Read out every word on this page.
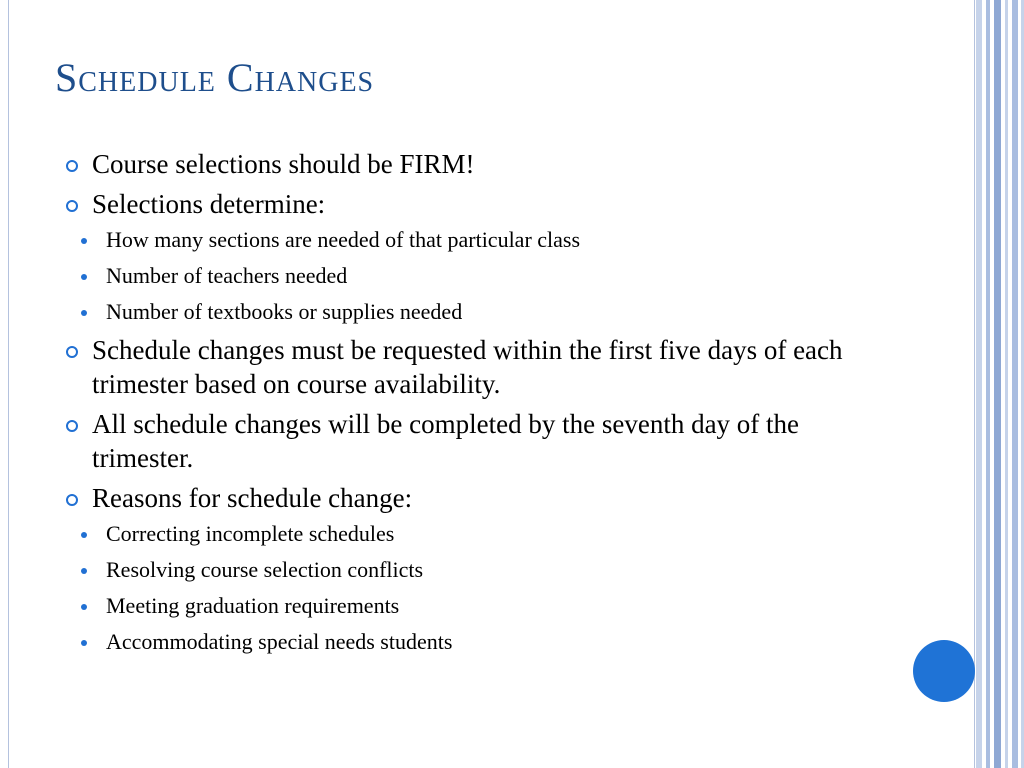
Schedule Changes
Course selections should be FIRM!
Selections determine:
How many sections are needed of that particular class
Number of teachers needed
Number of textbooks or supplies needed
Schedule changes must be requested within the first five days of each trimester based on course availability.
All schedule changes will be completed by the seventh day of the trimester.
Reasons for schedule change:
Correcting incomplete schedules
Resolving course selection conflicts
Meeting graduation requirements
Accommodating special needs students
